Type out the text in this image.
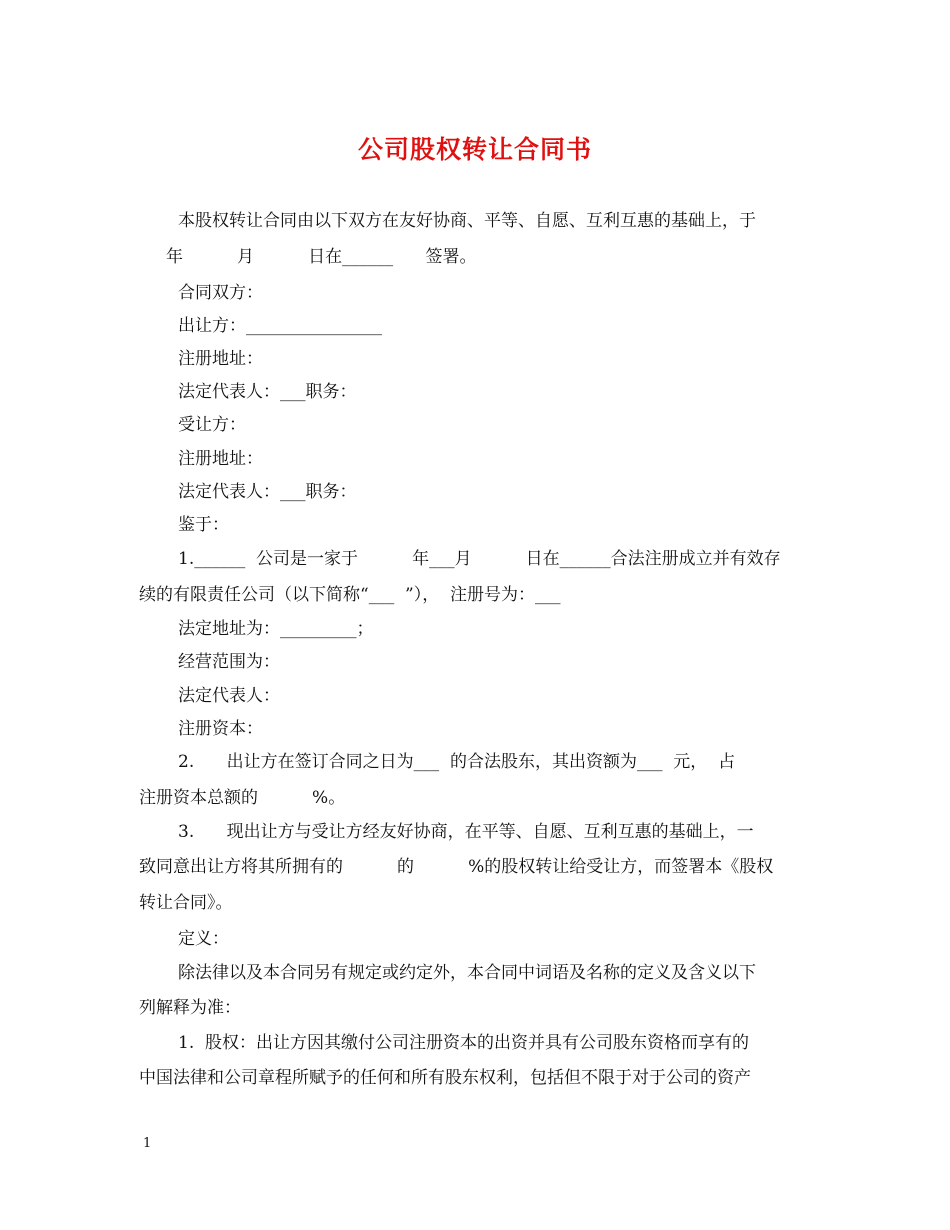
公司股权转让合同书
本股权转让合同由以下双方在友好协商、平等、自愿、互利互惠的基础上，于
年          月          日在______      签署。
合同双方：
出让方：________________
注册地址：
法定代表人：___职务：
受让方：
注册地址：
法定代表人：___职务：
鉴于：
1.______  公司是一家于          年___月          日在______合法注册成立并有效存
续的有限责任公司（以下简称“___  ”），  注册号为：___
法定地址为：_________；
经营范围为：
法定代表人：
注册资本：
2.      出让方在签订合同之日为___  的合法股东，其出资额为___  元，  占
注册资本总额的          %。
3.      现出让方与受让方经友好协商，在平等、自愿、互利互惠的基础上，一
致同意出让方将其所拥有的          的          %的股权转让给受让方，而签署本《股权
转让合同》。
定义：
除法律以及本合同另有规定或约定外，本合同中词语及名称的定义及含义以下
列解释为准：
1.  股权：出让方因其缴付公司注册资本的出资并具有公司股东资格而享有的
中国法律和公司章程所赋予的任何和所有股东权利，包括但不限于对于公司的资产
1
